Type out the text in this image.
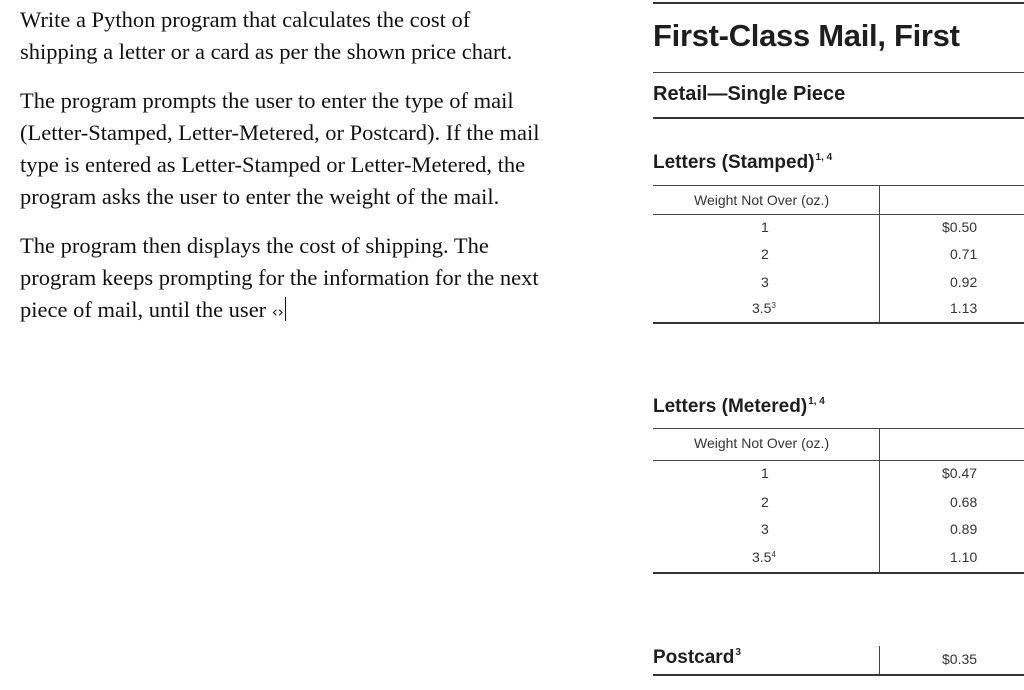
Write a Python program that calculates the cost of
shipping a letter or a card as per the shown price chart.

The program prompts the user to enter the type of mail
(Letter-Stamped, Letter-Metered, or Postcard). If the mail
type is entered as Letter-Stamped or Letter-Metered, the
program asks the user to enter the weight of the mail.

The program then displays the cost of shipping. The
program keeps prompting for the information for the next
piece of mail, until the user ‹›

First-Class Mail, First
Retail—Single Piece
Letters (Stamped)$^{1, 4}$
Weight Not Over (oz.)
1	$0.50
2	0.71
3	0.92
$3.5^3$	1.13
Letters (Metered)$^{1, 4}$
Weight Not Over (oz.)
1	$0.47
2	0.68
3	0.89
$3.5^4$	1.10
Postcard$^3$	$0.35
